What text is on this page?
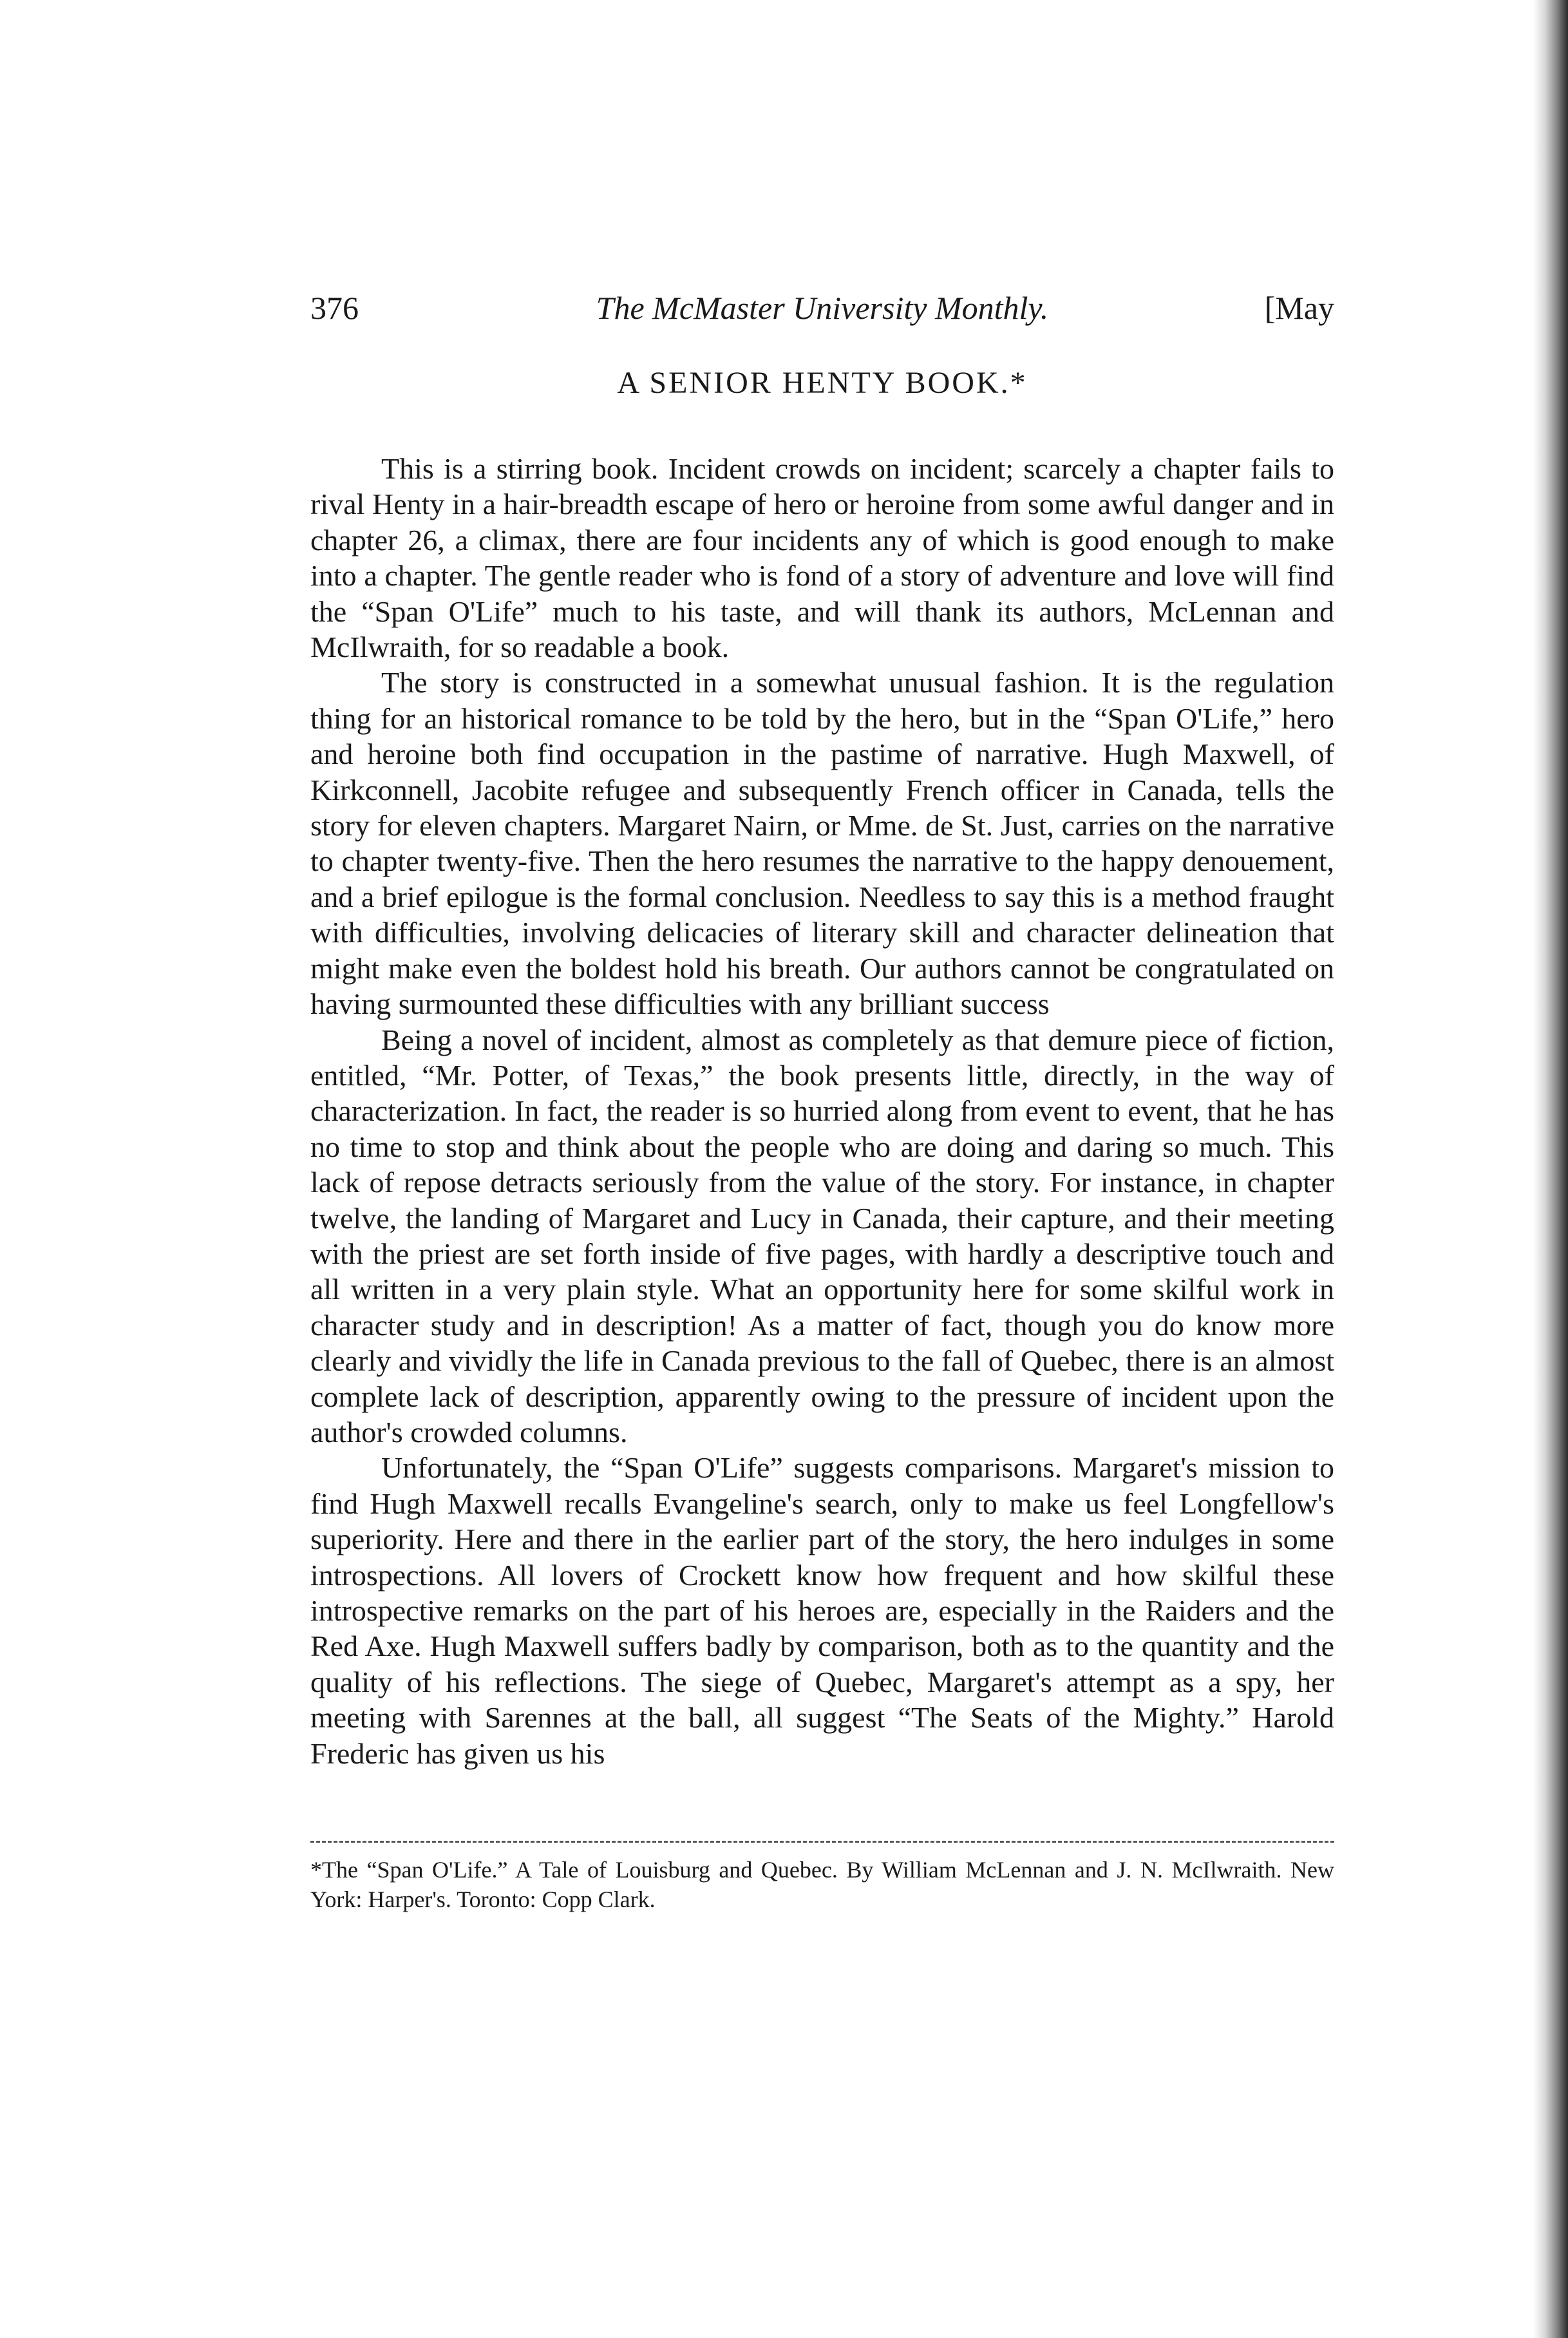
376	The McMaster University Monthly.	[May
A SENIOR HENTY BOOK.*

This is a stirring book. Incident crowds on incident; scarcely a chapter fails to rival Henty in a hair-breadth escape of hero or heroine from some awful danger and in chapter 26, a climax, there are four incidents any of which is good enough to make into a chapter. The gentle reader who is fond of a story of adventure and love will find the “Span O'Life” much to his taste, and will thank its authors, McLennan and McIlwraith, for so readable a book.

The story is constructed in a somewhat unusual fashion. It is the regulation thing for an historical romance to be told by the hero, but in the “Span O'Life,” hero and heroine both find occupation in the pastime of narrative. Hugh Maxwell, of Kirkconnell, Jacobite refugee and subsequently French officer in Canada, tells the story for eleven chapters. Margaret Nairn, or Mme. de St. Just, carries on the narrative to chapter twenty-five. Then the hero resumes the narrative to the happy denouement, and a brief epilogue is the formal conclusion. Needless to say this is a method fraught with difficulties, involving delicacies of literary skill and character delineation that might make even the boldest hold his breath. Our authors cannot be congratulated on having surmounted these difficulties with any brilliant success

Being a novel of incident, almost as completely as that demure piece of fiction, entitled, “Mr. Potter, of Texas,” the book presents little, directly, in the way of characterization. In fact, the reader is so hurried along from event to event, that he has no time to stop and think about the people who are doing and daring so much. This lack of repose detracts seriously from the value of the story. For instance, in chapter twelve, the landing of Margaret and Lucy in Canada, their capture, and their meeting with the priest are set forth inside of five pages, with hardly a descriptive touch and all written in a very plain style. What an opportunity here for some skilful work in character study and in description! As a matter of fact, though you do know more clearly and vividly the life in Canada previous to the fall of Quebec, there is an almost complete lack of description, apparently owing to the pressure of incident upon the author's crowded columns.

Unfortunately, the “Span O'Life” suggests comparisons. Margaret's mission to find Hugh Maxwell recalls Evangeline's search, only to make us feel Longfellow's superiority. Here and there in the earlier part of the story, the hero indulges in some introspections. All lovers of Crockett know how frequent and how skilful these introspective remarks on the part of his heroes are, especially in the Raiders and the Red Axe. Hugh Maxwell suffers badly by comparison, both as to the quantity and the quality of his reflections. The siege of Quebec, Margaret's attempt as a spy, her meeting with Sarennes at the ball, all suggest “The Seats of the Mighty.” Harold Frederic has given us his

*The “Span O'Life.” A Tale of Louisburg and Quebec. By William McLennan and J. N. McIlwraith. New York: Harper's. Toronto: Copp Clark.
